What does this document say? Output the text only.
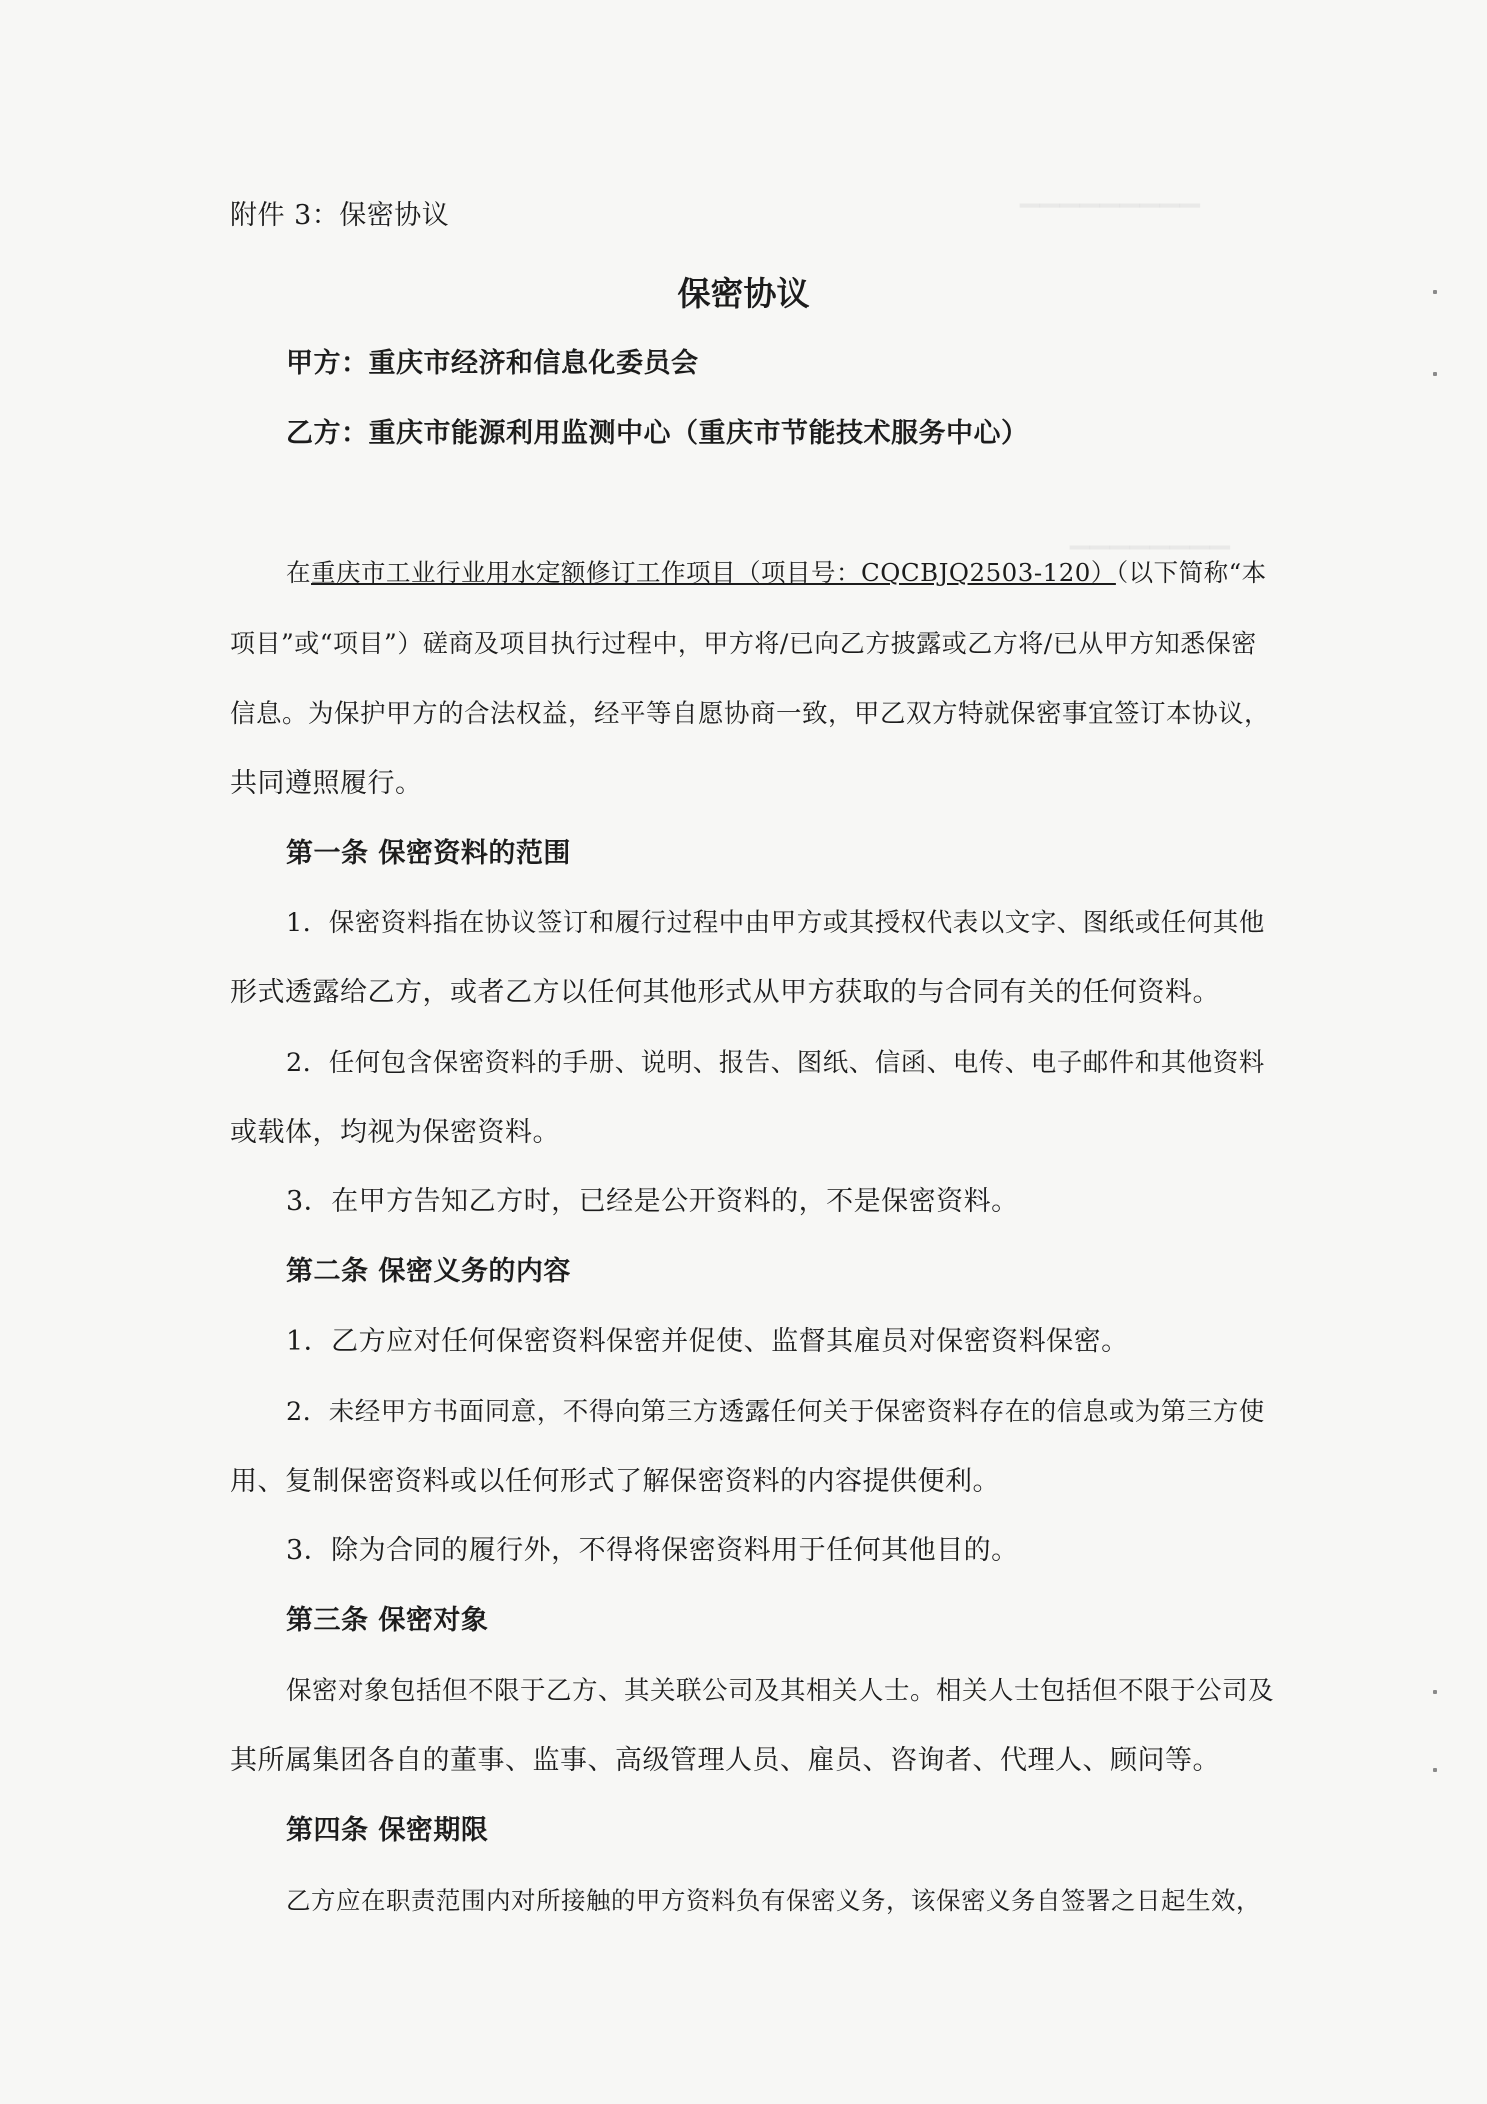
▔▔▔▔▔▔▔▔▔
▁▁▁▁▁▁▁▁
附件 3：保密协议
保密协议
甲方：重庆市经济和信息化委员会
乙方：重庆市能源利用监测中心（重庆市节能技术服务中心）
在重庆市工业行业用水定额修订工作项目（项目号：CQCBJQ2503-120）（以下简称“本
项目”或“项目”）磋商及项目执行过程中，甲方将/已向乙方披露或乙方将/已从甲方知悉保密
信息。为保护甲方的合法权益，经平等自愿协商一致，甲乙双方特就保密事宜签订本协议，
共同遵照履行。
第一条 保密资料的范围
1．保密资料指在协议签订和履行过程中由甲方或其授权代表以文字、图纸或任何其他
形式透露给乙方，或者乙方以任何其他形式从甲方获取的与合同有关的任何资料。
2．任何包含保密资料的手册、说明、报告、图纸、信函、电传、电子邮件和其他资料
或载体，均视为保密资料。
3．在甲方告知乙方时，已经是公开资料的，不是保密资料。
第二条 保密义务的内容
1．乙方应对任何保密资料保密并促使、监督其雇员对保密资料保密。
2．未经甲方书面同意，不得向第三方透露任何关于保密资料存在的信息或为第三方使
用、复制保密资料或以任何形式了解保密资料的内容提供便利。
3．除为合同的履行外，不得将保密资料用于任何其他目的。
第三条 保密对象
保密对象包括但不限于乙方、其关联公司及其相关人士。相关人士包括但不限于公司及
其所属集团各自的董事、监事、高级管理人员、雇员、咨询者、代理人、顾问等。
第四条 保密期限
乙方应在职责范围内对所接触的甲方资料负有保密义务，该保密义务自签署之日起生效，
